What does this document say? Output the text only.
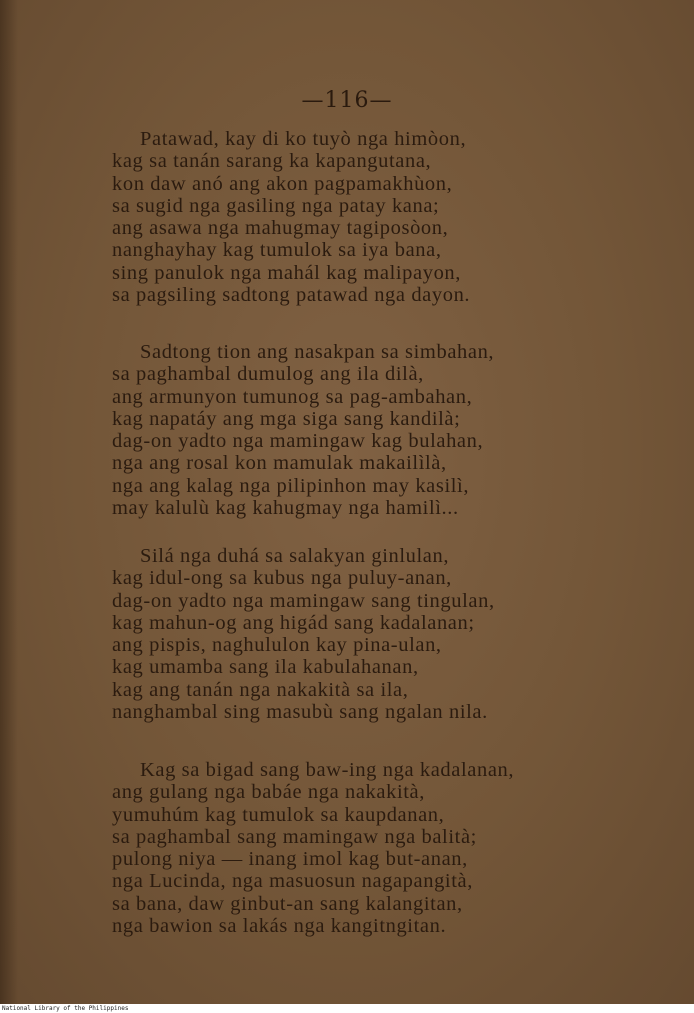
—116—
Patawad, kay di ko tuyò nga himòon,
kag sa tanán sarang ka kapangutana,
kon daw anó ang akon pagpamakhùon,
sa sugid nga gasiling nga patay kana;
ang asawa nga mahugmay tagiposòon,
nanghayhay kag tumulok sa iya bana,
sing panulok nga mahál kag malipayon,
sa pagsiling sadtong patawad nga dayon.
Sadtong tion ang nasakpan sa simbahan,
sa paghambal dumulog ang ila dilà,
ang armunyon tumunog sa pag-ambahan,
kag napatáy ang mga siga sang kandilà;
dag-on yadto nga mamingaw kag bulahan,
nga ang rosal kon mamulak makailìlà,
nga ang kalag nga pilipinhon may kasilì,
may kalulù kag kahugmay nga hamilì...
Silá nga duhá sa salakyan ginlulan,
kag idul-ong sa kubus nga puluy-anan,
dag-on yadto nga mamingaw sang tingulan,
kag mahun-og ang higád sang kadalanan;
ang pispis, naghululon kay pina-ulan,
kag umamba sang ila kabulahanan,
kag ang tanán nga nakakità sa ila,
nanghambal sing masubù sang ngalan nila.
Kag sa bigad sang baw-ing nga kadalanan,
ang gulang nga babáe nga nakakità,
yumuhúm kag tumulok sa kaupdanan,
sa paghambal sang mamingaw nga balità;
pulong niya — inang imol kag but-anan,
nga Lucinda, nga masuosun nagapangità,
sa bana, daw ginbut-an sang kalangitan,
nga bawion sa lakás nga kangitngitan.
National Library of the Philippines
